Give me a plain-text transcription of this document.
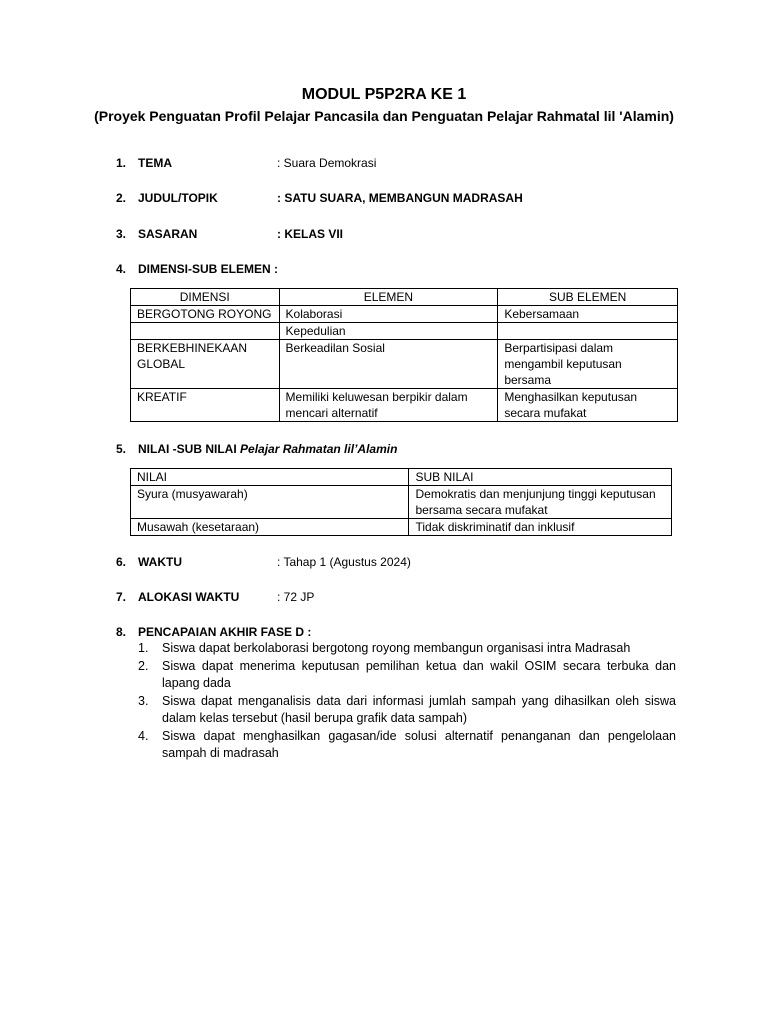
MODUL P5P2RA KE 1
(Proyek Penguatan Profil Pelajar Pancasila dan Penguatan Pelajar Rahmatal lil 'Alamin)
1. TEMA	: Suara Demokrasi
2. JUDUL/TOPIK	: SATU SUARA, MEMBANGUN MADRASAH
3. SASARAN	: KELAS VII
4. DIMENSI-SUB ELEMEN :
DIMENSI	ELEMEN	SUB ELEMEN
BERGOTONG ROYONG	Kolaborasi	Kebersamaan
	Kepedulian	
BERKEBHINEKAAN GLOBAL	Berkeadilan Sosial	Berpartisipasi dalam mengambil keputusan bersama
KREATIF	Memiliki keluwesan berpikir dalam mencari alternatif	Menghasilkan keputusan secara mufakat
5. NILAI -SUB NILAI Pelajar Rahmatan lil’Alamin
NILAI	SUB NILAI
Syura (musyawarah)	Demokratis dan menjunjung tinggi keputusan bersama secara mufakat
Musawah (kesetaraan)	Tidak diskriminatif dan inklusif
6. WAKTU	: Tahap 1 (Agustus 2024)
7. ALOKASI WAKTU	: 72 JP
8. PENCAPAIAN AKHIR FASE D :
1. Siswa dapat berkolaborasi bergotong royong membangun organisasi intra Madrasah
2. Siswa dapat menerima keputusan pemilihan ketua dan wakil OSIM secara terbuka dan lapang dada
3. Siswa dapat menganalisis data dari informasi jumlah sampah yang dihasilkan oleh siswa dalam kelas tersebut (hasil berupa grafik data sampah)
4. Siswa dapat menghasilkan gagasan/ide solusi alternatif penanganan dan pengelolaan sampah di madrasah
